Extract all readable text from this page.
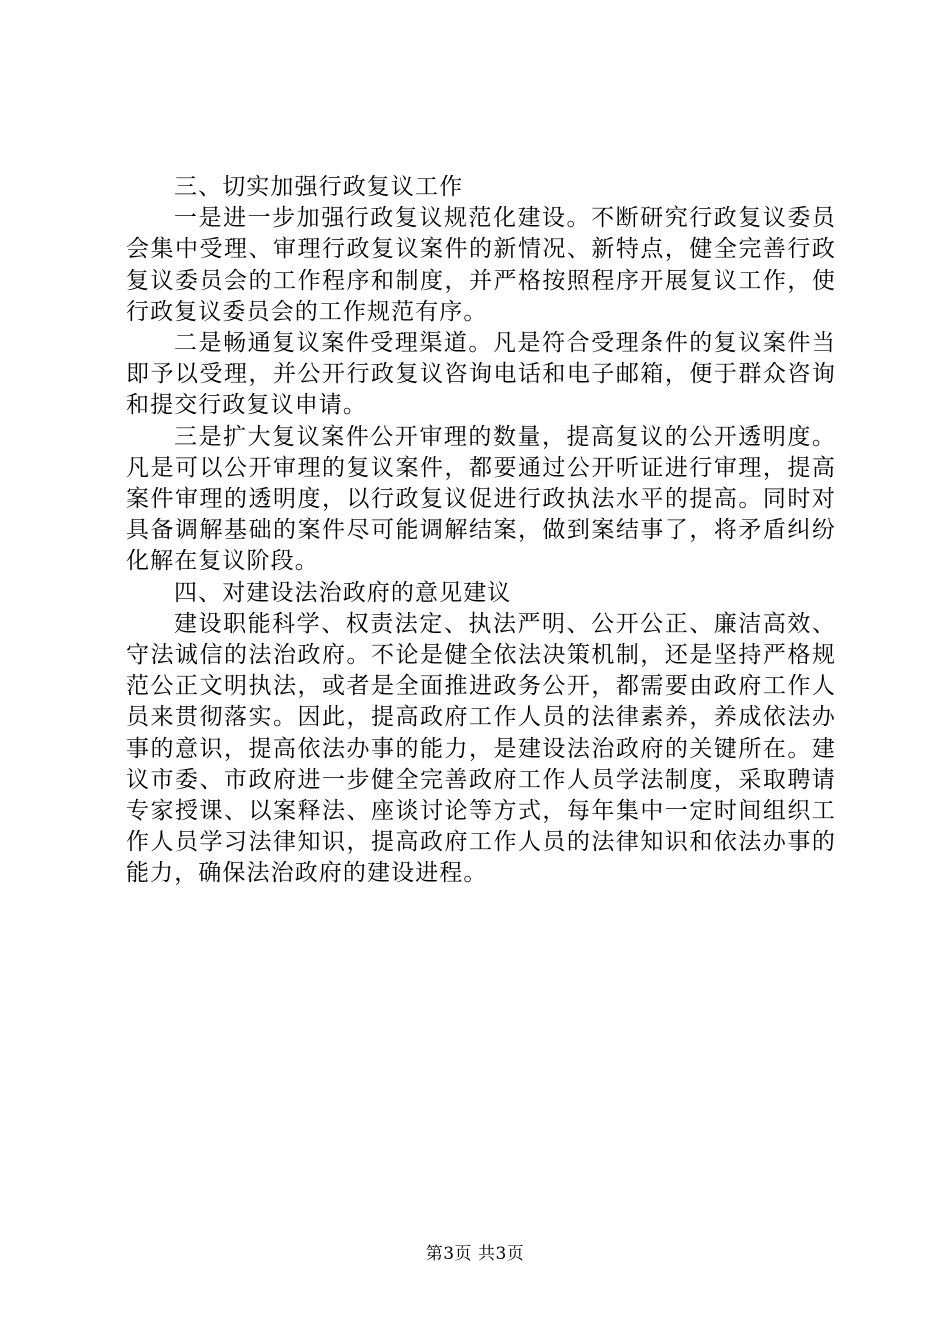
三、切实加强行政复议工作

一是进一步加强行政复议规范化建设。不断研究行政复议委员会集中受理、审理行政复议案件的新情况、新特点，健全完善行政复议委员会的工作程序和制度，并严格按照程序开展复议工作，使行政复议委员会的工作规范有序。

二是畅通复议案件受理渠道。凡是符合受理条件的复议案件当即予以受理，并公开行政复议咨询电话和电子邮箱，便于群众咨询和提交行政复议申请。

三是扩大复议案件公开审理的数量，提高复议的公开透明度。凡是可以公开审理的复议案件，都要通过公开听证进行审理，提高案件审理的透明度，以行政复议促进行政执法水平的提高。同时对具备调解基础的案件尽可能调解结案，做到案结事了，将矛盾纠纷化解在复议阶段。

四、对建设法治政府的意见建议

建设职能科学、权责法定、执法严明、公开公正、廉洁高效、守法诚信的法治政府。不论是健全依法决策机制，还是坚持严格规范公正文明执法，或者是全面推进政务公开，都需要由政府工作人员来贯彻落实。因此，提高政府工作人员的法律素养，养成依法办事的意识，提高依法办事的能力，是建设法治政府的关键所在。建议市委、市政府进一步健全完善政府工作人员学法制度，采取聘请专家授课、以案释法、座谈讨论等方式，每年集中一定时间组织工作人员学习法律知识，提高政府工作人员的法律知识和依法办事的能力，确保法治政府的建设进程。

第3页 共3页
